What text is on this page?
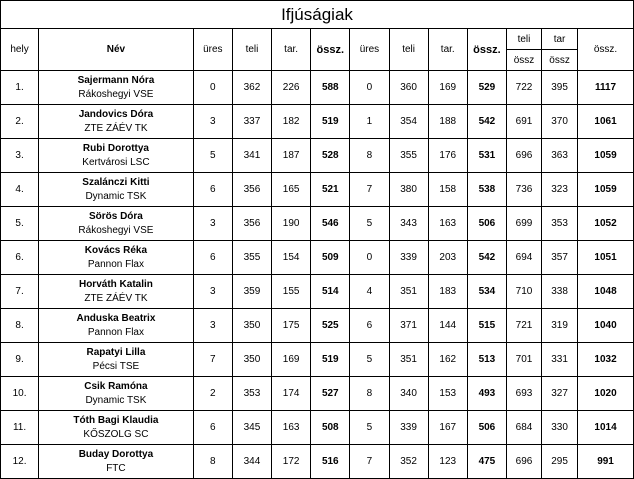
Ifjúságiak												
hely	Név	üres	teli	tar.	össz.	üres	teli	tar.	össz.	teli	tar	össz.
										össz	össz	
1.	Sajermann Nóra
Rákoshegyi VSE	0	362	226	588	0	360	169	529	722	395	1117
2.	Jandovics Dóra
ZTE ZÁÉV TK	3	337	182	519	1	354	188	542	691	370	1061
3.	Rubi Dorottya
Kertvárosi LSC	5	341	187	528	8	355	176	531	696	363	1059
4.	Szalánczi Kitti
Dynamic TSK	6	356	165	521	7	380	158	538	736	323	1059
5.	Sörös Dóra
Rákoshegyi VSE	3	356	190	546	5	343	163	506	699	353	1052
6.	Kovács Réka
Pannon Flax	6	355	154	509	0	339	203	542	694	357	1051
7.	Horváth Katalin
ZTE ZÁÉV TK	3	359	155	514	4	351	183	534	710	338	1048
8.	Anduska Beatrix
Pannon Flax	3	350	175	525	6	371	144	515	721	319	1040
9.	Rapatyi Lilla
Pécsi TSE	7	350	169	519	5	351	162	513	701	331	1032
10.	Csik Ramóna
Dynamic TSK	2	353	174	527	8	340	153	493	693	327	1020
11.	Tóth Bagi Klaudia
KŐSZOLG SC	6	345	163	508	5	339	167	506	684	330	1014
12.	Buday Dorottya
FTC	8	344	172	516	7	352	123	475	696	295	991
